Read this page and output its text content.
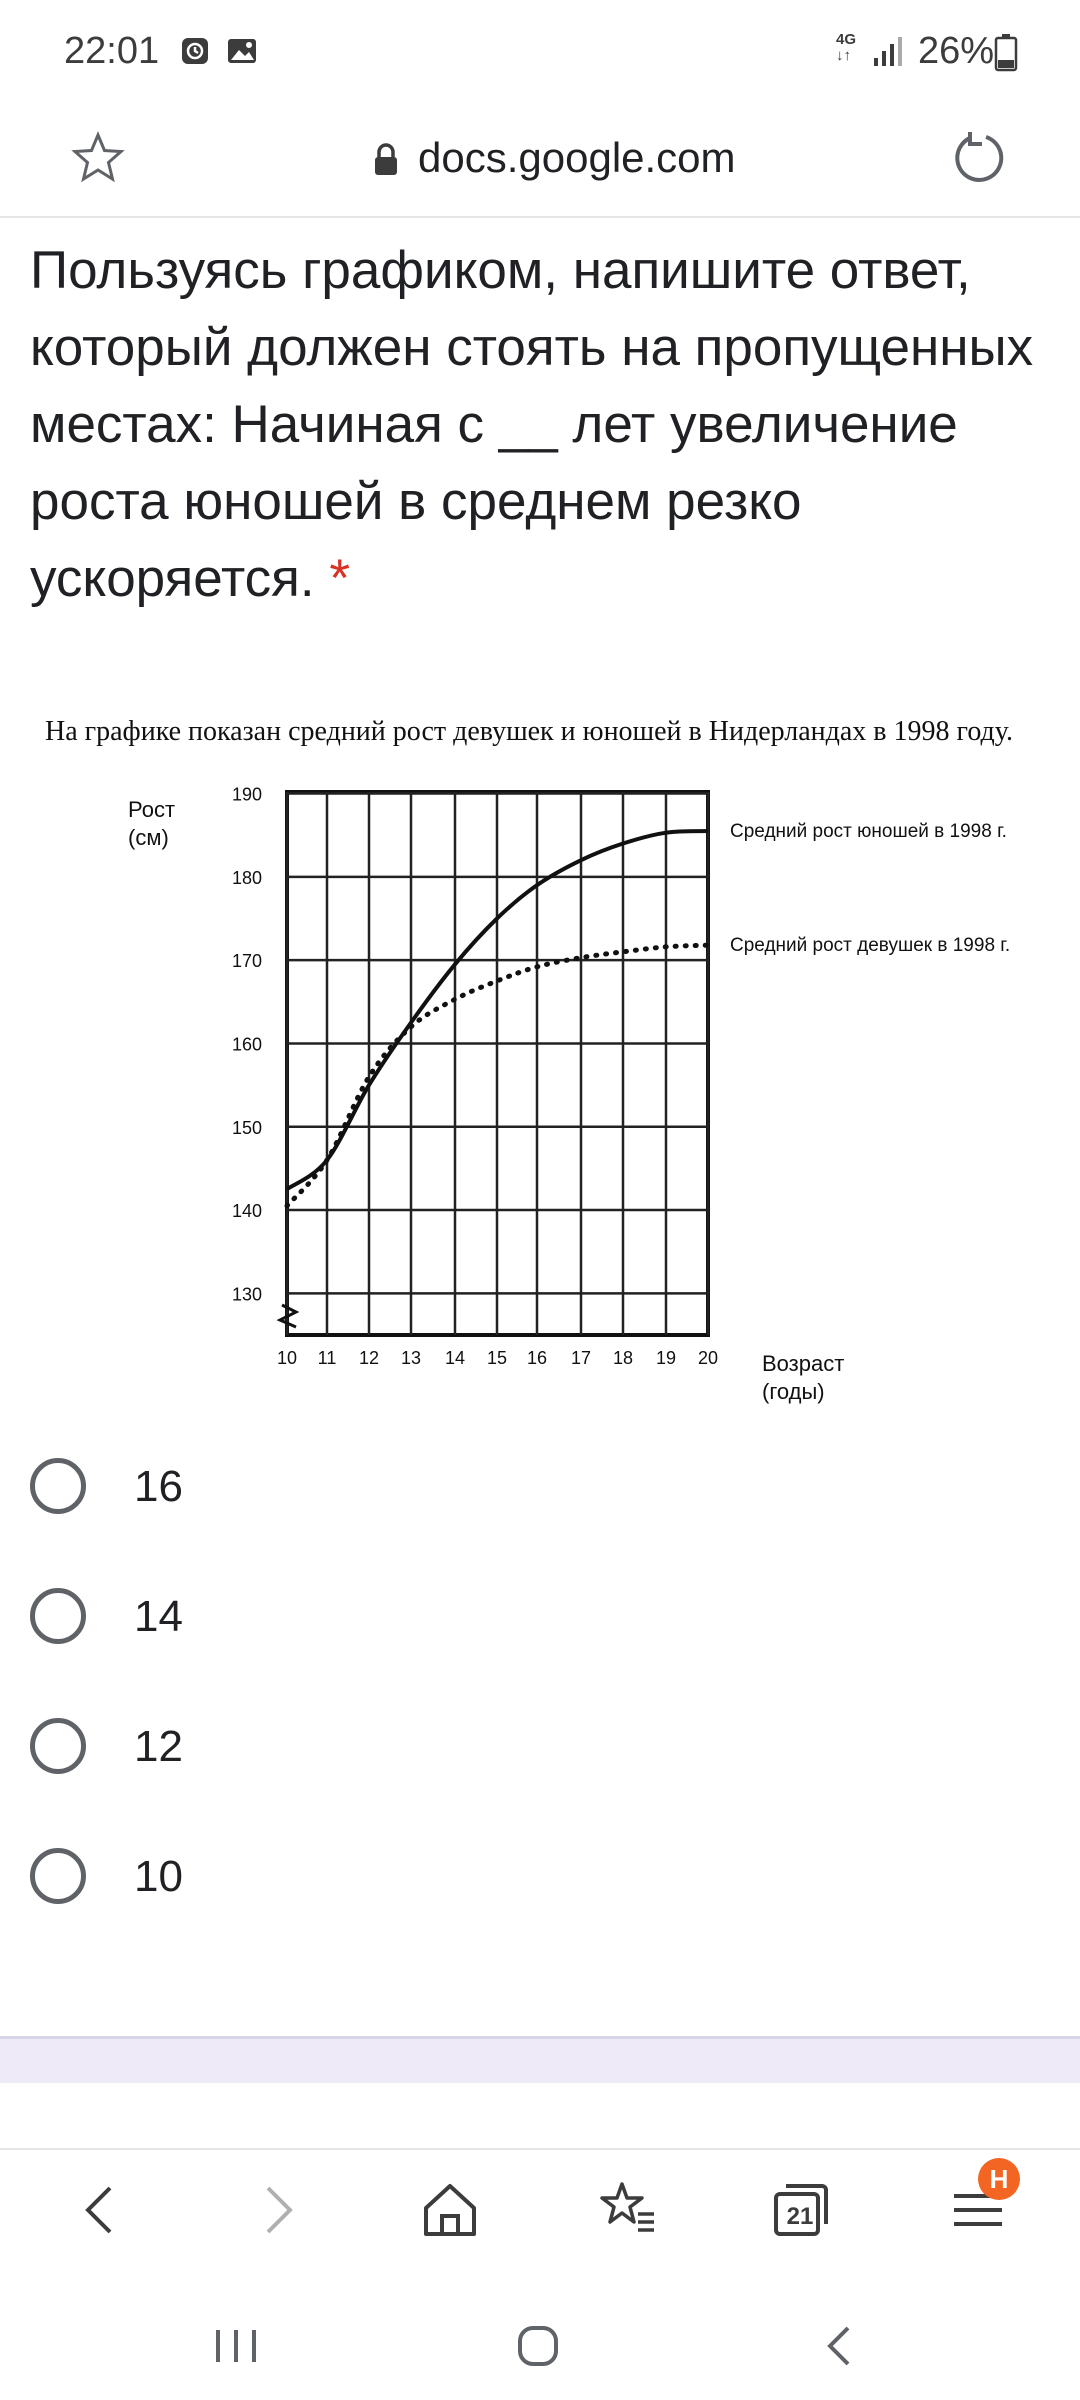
22:01	4G
↓↑ 26%
docs.google.com
Пользуясь графиком, напишите ответ, который должен стоять на пропущенных местах: Начиная с __ лет увеличение роста юношей в среднем резко ускоряется. *
На графике показан средний рост девушек и юношей в Нидерландах в 1998 году.
Средний рост юношей в 1998 г.
Средний рост девушек в 1998 г.
130
140
150
160
170
180
190
10 11 12 13 14 15 16 17 18 19 20
Рост
(см)
Возраст
(годы)
16
14
12
10
21
H
